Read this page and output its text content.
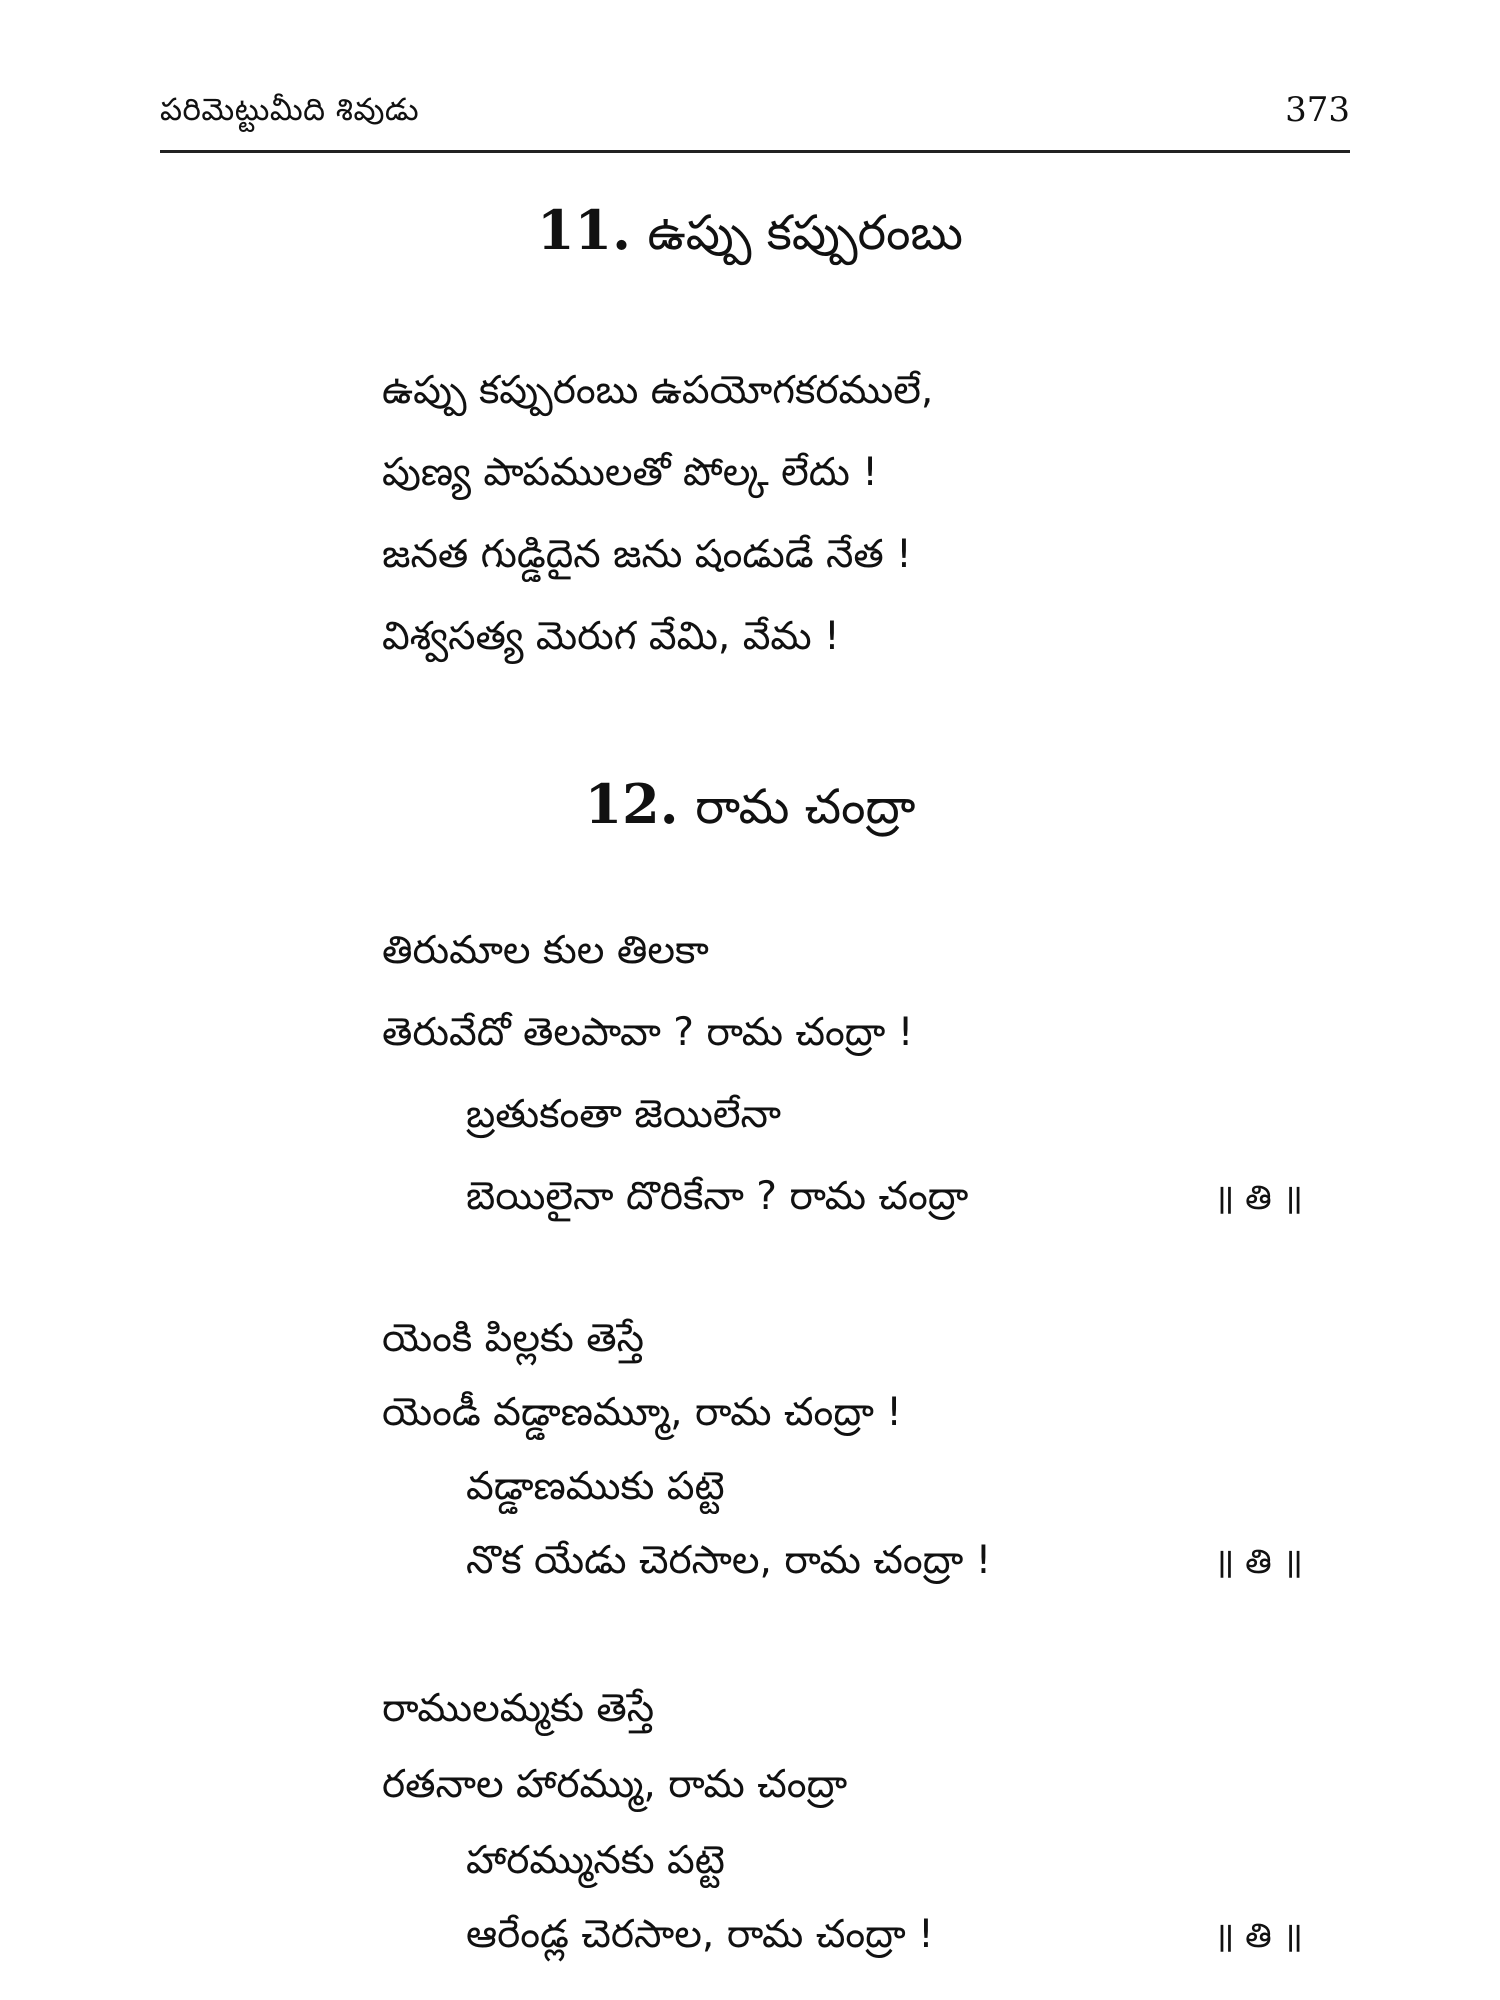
పరిమెట్టుమీది శివుడు	373
11. ఉప్పు కప్పురంబు
ఉప్పు కప్పురంబు ఉపయోగకరములే,
పుణ్య పాపములతో పోల్క లేదు !
జనత గుడ్డిదైన జను షండుడే నేత !
విశ్వసత్య మెరుగ వేమి, వేమ !
12. రామ చంద్రా
తిరుమాల కుల తిలకా
తెరువేదో తెలపావా ? రామ చంద్రా !
బ్రతుకంతా జెయిలేనా
బెయిలైనా దొరికేనా ? రామ చంద్రా	॥ తి ॥
యెంకి పిల్లకు తెస్తే
యెండీ వడ్డాణమ్మూ, రామ చంద్రా !
వడ్డాణముకు పట్టె
నొక యేడు చెరసాల, రామ చంద్రా !	॥ తి ॥
రాములమ్మకు తెస్తే
రతనాల హారమ్ము, రామ చంద్రా
హారమ్మునకు పట్టె
ఆరేండ్ల చెరసాల, రామ చంద్రా !	॥ తి ॥
